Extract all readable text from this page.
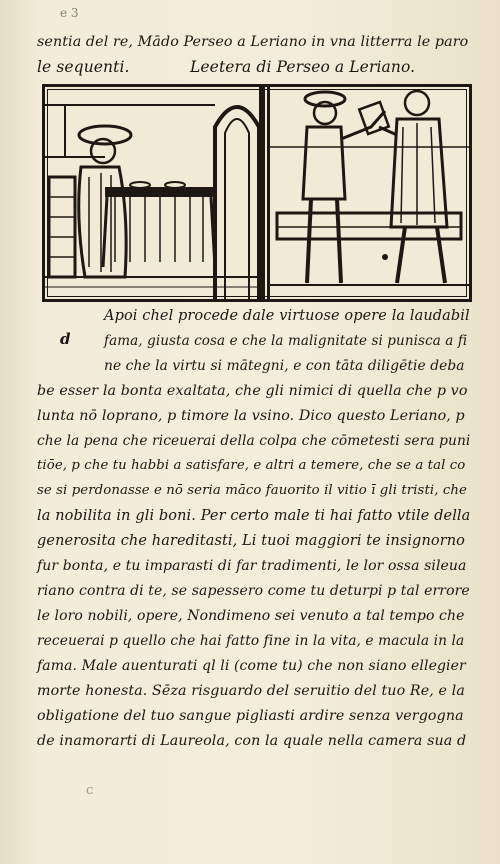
e 3
sentia del re, Mādo Perseo a Leriano in vna litterra le paro
le sequenti.	Leetera di Perseo a Leriano.
d
Apoi chel procede dale virtuose opere la laudabil
fama, giusta cosa e che la malignitate si punisca a fi
ne che la virtu si mātegni, e con tāta diligētie deba
be esser la bonta exaltata, che gli nimici di quella che p vo
lunta nō loprano, p timore la vsino. Dico questo Leriano, p
che la pena che riceuerai della colpa che cōmetesti sera puni
tiōe, p che tu habbi a satisfare, e altri a temere, che se a tal co
se si perdonasse e nō seria māco fauorito il vitio ī gli tristi, che
la nobilita in gli boni. Per certo male ti hai fatto vtile della
generosita che hareditasti, Li tuoi maggiori te insignorno
fur bonta, e tu imparasti di far tradimenti, le lor ossa sileua
riano contra di te, se sapessero come tu deturpi p tal errore
le loro nobili, opere, Nondimeno sei venuto a tal tempo che
receuerai p quello che hai fatto fine in la vita, e macula in la
fama. Male auenturati ql li (come tu) che non siano ellegier
morte honesta. Sēza risguardo del seruitio del tuo Re, e la
obligatione del tuo sangue pigliasti ardire senza vergogna
de inamorarti di Laureola, con la quale nella camera sua d
c
